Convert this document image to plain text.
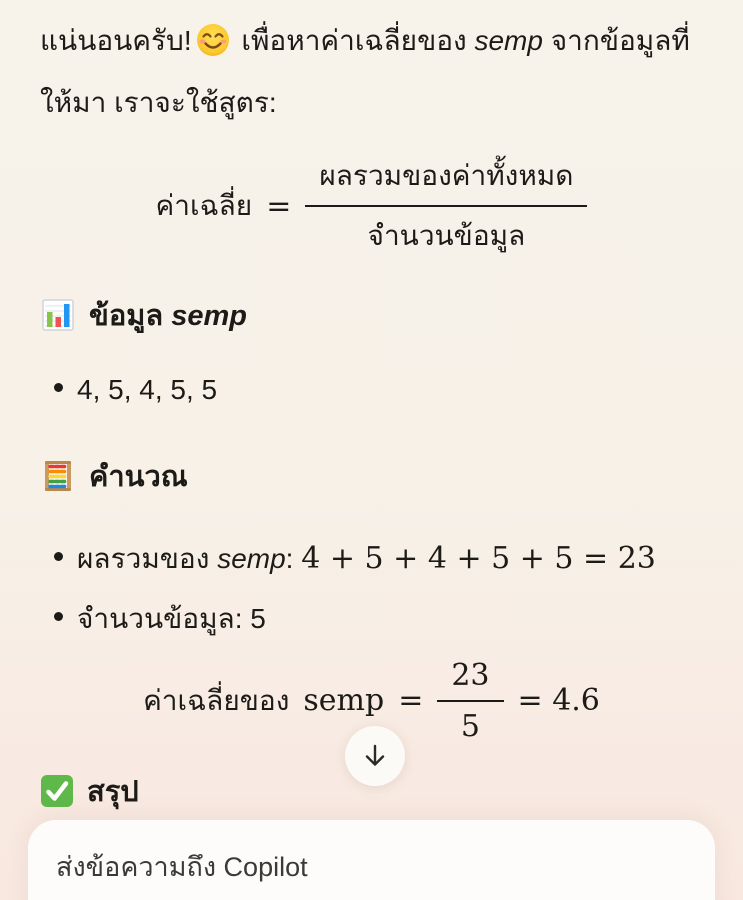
แน่นอนครับ! เพื่อหาค่าเฉลี่ยของ semp จากข้อมูลที่ให้มา เราจะใช้สูตร:

ค่าเฉลี่ย = $\frac{\text{ผลรวมของค่าทั้งหมด}}{\text{จำนวนข้อมูล}}$
ข้อมูล semp
4, 5, 4, 5, 5
คำนวณ
ผลรวมของ semp: 4 + 5 + 4 + 5 + 5 = 23
จำนวนข้อมูล: 5
ค่าเฉลี่ยของ semp = $\frac{23}{5} = 4.6$
สรุป

ส่งข้อความถึง Copilot
